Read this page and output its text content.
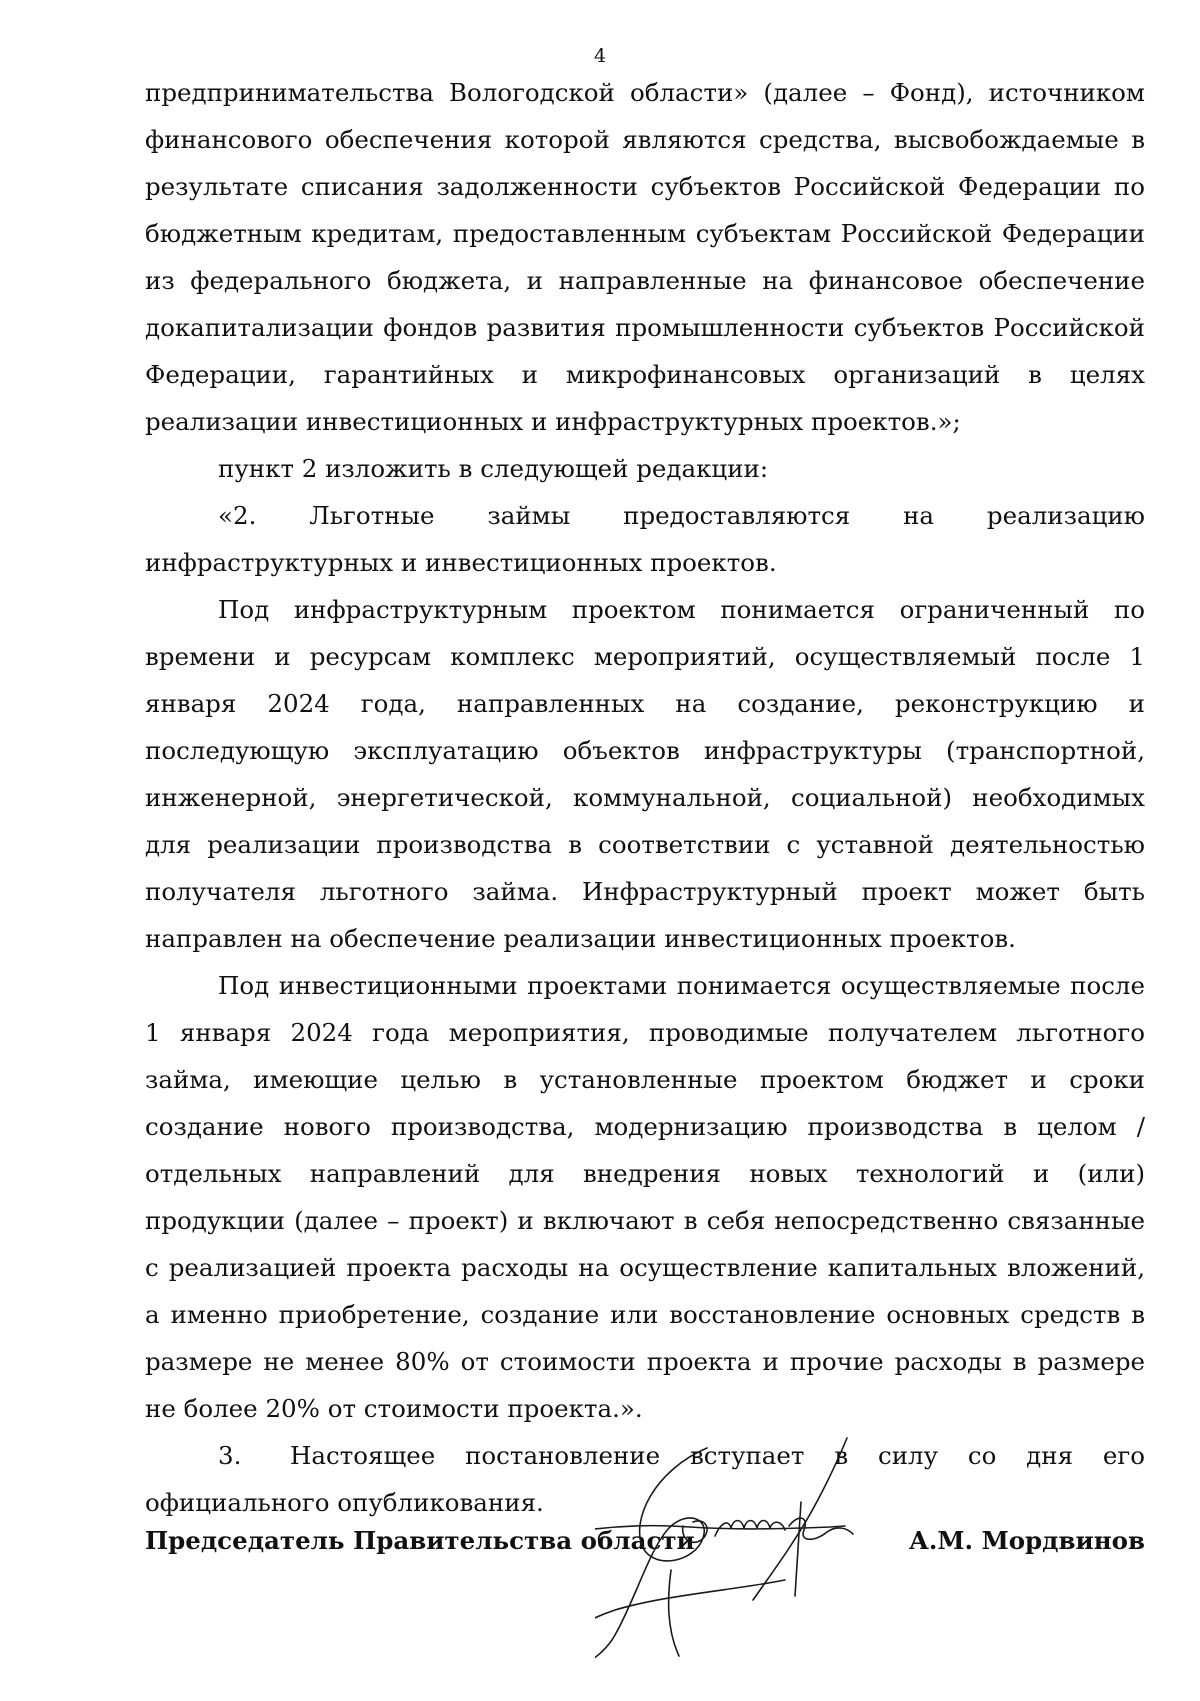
4

предпринимательства Вологодской области» (далее – Фонд), источником финансового обеспечения которой являются средства, высвобождаемые в результате списания задолженности субъектов Российской Федерации по бюджетным кредитам, предоставленным субъектам Российской Федерации из федерального бюджета, и направленные на финансовое обеспечение докапитализации фондов развития промышленности субъектов Российской Федерации, гарантийных и микрофинансовых организаций в целях реализации инвестиционных и инфраструктурных проектов.»;

пункт 2 изложить в следующей редакции:

«2. Льготные займы предоставляются на реализацию инфраструктурных и инвестиционных проектов.

Под инфраструктурным проектом понимается ограниченный по времени и ресурсам комплекс мероприятий, осуществляемый после 1 января 2024 года, направленных на создание, реконструкцию и последующую эксплуатацию объектов инфраструктуры (транспортной, инженерной, энергетической, коммунальной, социальной) необходимых для реализации производства в соответствии с уставной деятельностью получателя льготного займа. Инфраструктурный проект может быть направлен на обеспечение реализации инвестиционных проектов.

Под инвестиционными проектами понимается осуществляемые после 1 января 2024 года мероприятия, проводимые получателем льготного займа, имеющие целью в установленные проектом бюджет и сроки создание нового производства, модернизацию производства в целом / отдельных направлений для внедрения новых технологий и (или) продукции (далее – проект) и включают в себя непосредственно связанные с реализацией проекта расходы на осуществление капитальных вложений, а именно приобретение, создание или восстановление основных средств в размере не менее 80% от стоимости проекта и прочие расходы в размере не более 20% от стоимости проекта.».

3. Настоящее постановление вступает в силу со дня его официального опубликования.

Председатель Правительства области	А.М. Мордвинов
